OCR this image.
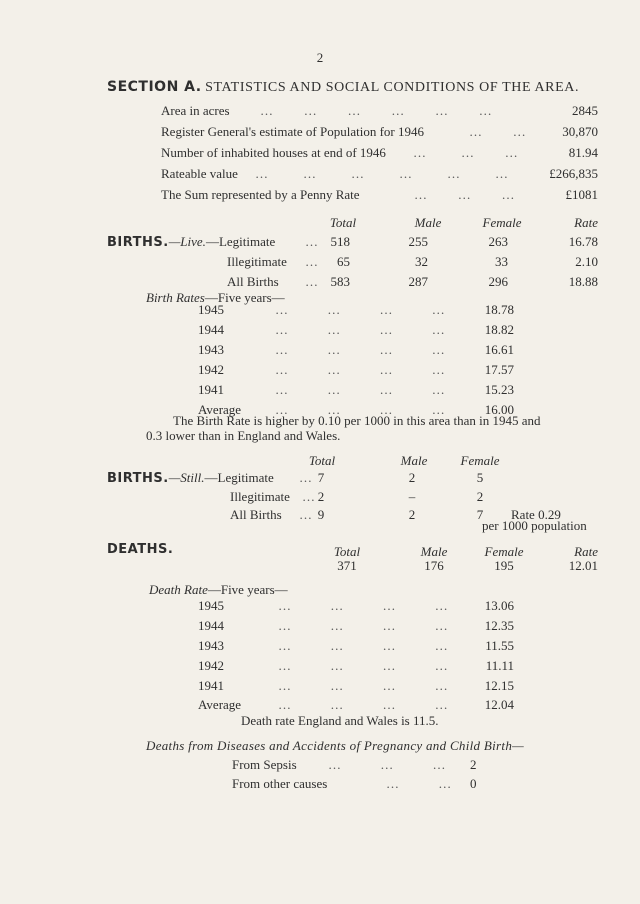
2
SECTION A. STATISTICS AND SOCIAL CONDITIONS OF THE AREA.
Area in acres …       …       …       …       …       …	2845
Register General's estimate of Population for 1946	…       …	30,870
Number of inhabited houses at end of 1946 …        …       …	81.94
Rateable value …        …        …        …        …        …	£266,835
The Sum represented by a Penny Rate	…       …       …	£1081
Total	Male	Female	Rate
BIRTHS.—Live.—Legitimate … 518	255	263	16.78
Illegitimate …	65	32	33	2.10
All Births … 583	287	296	18.88
Birth Rates—Five years—
1945	…         …         …         …	18.78
1944	…         …         …         …	18.82
1943	…         …         …         …	16.61
1942	…         …         …         …	17.57
1941	…         …         …         …	15.23
Average	…         …         …         …	16.00
The Birth Rate is higher by 0.10 per 1000 in this area than in 1945 and
0.3 lower than in England and Wales.
Total	Male	Female
BIRTHS.—Still.—Legitimate … 7	2	5
Illegitimate … 2	–	2
All Births … 9	2	7	Rate 0.29
per 1000 population
DEATHS.	Total	Male	Female	Rate
371	176	195	12.01
Death Rate—Five years—
1945	…         …         …         …	13.06
1944	…         …         …         …	12.35
1943	…         …         …         …	11.55
1942	…         …         …         …	11.11
1941	…         …         …         …	12.15
Average	…         …         …         …	12.04
Death rate England and Wales is 11.5.
Deaths from Diseases and Accidents of Pregnancy and Child Birth—
From Sepsis …         …         … 2
From other causes	…         … 0
